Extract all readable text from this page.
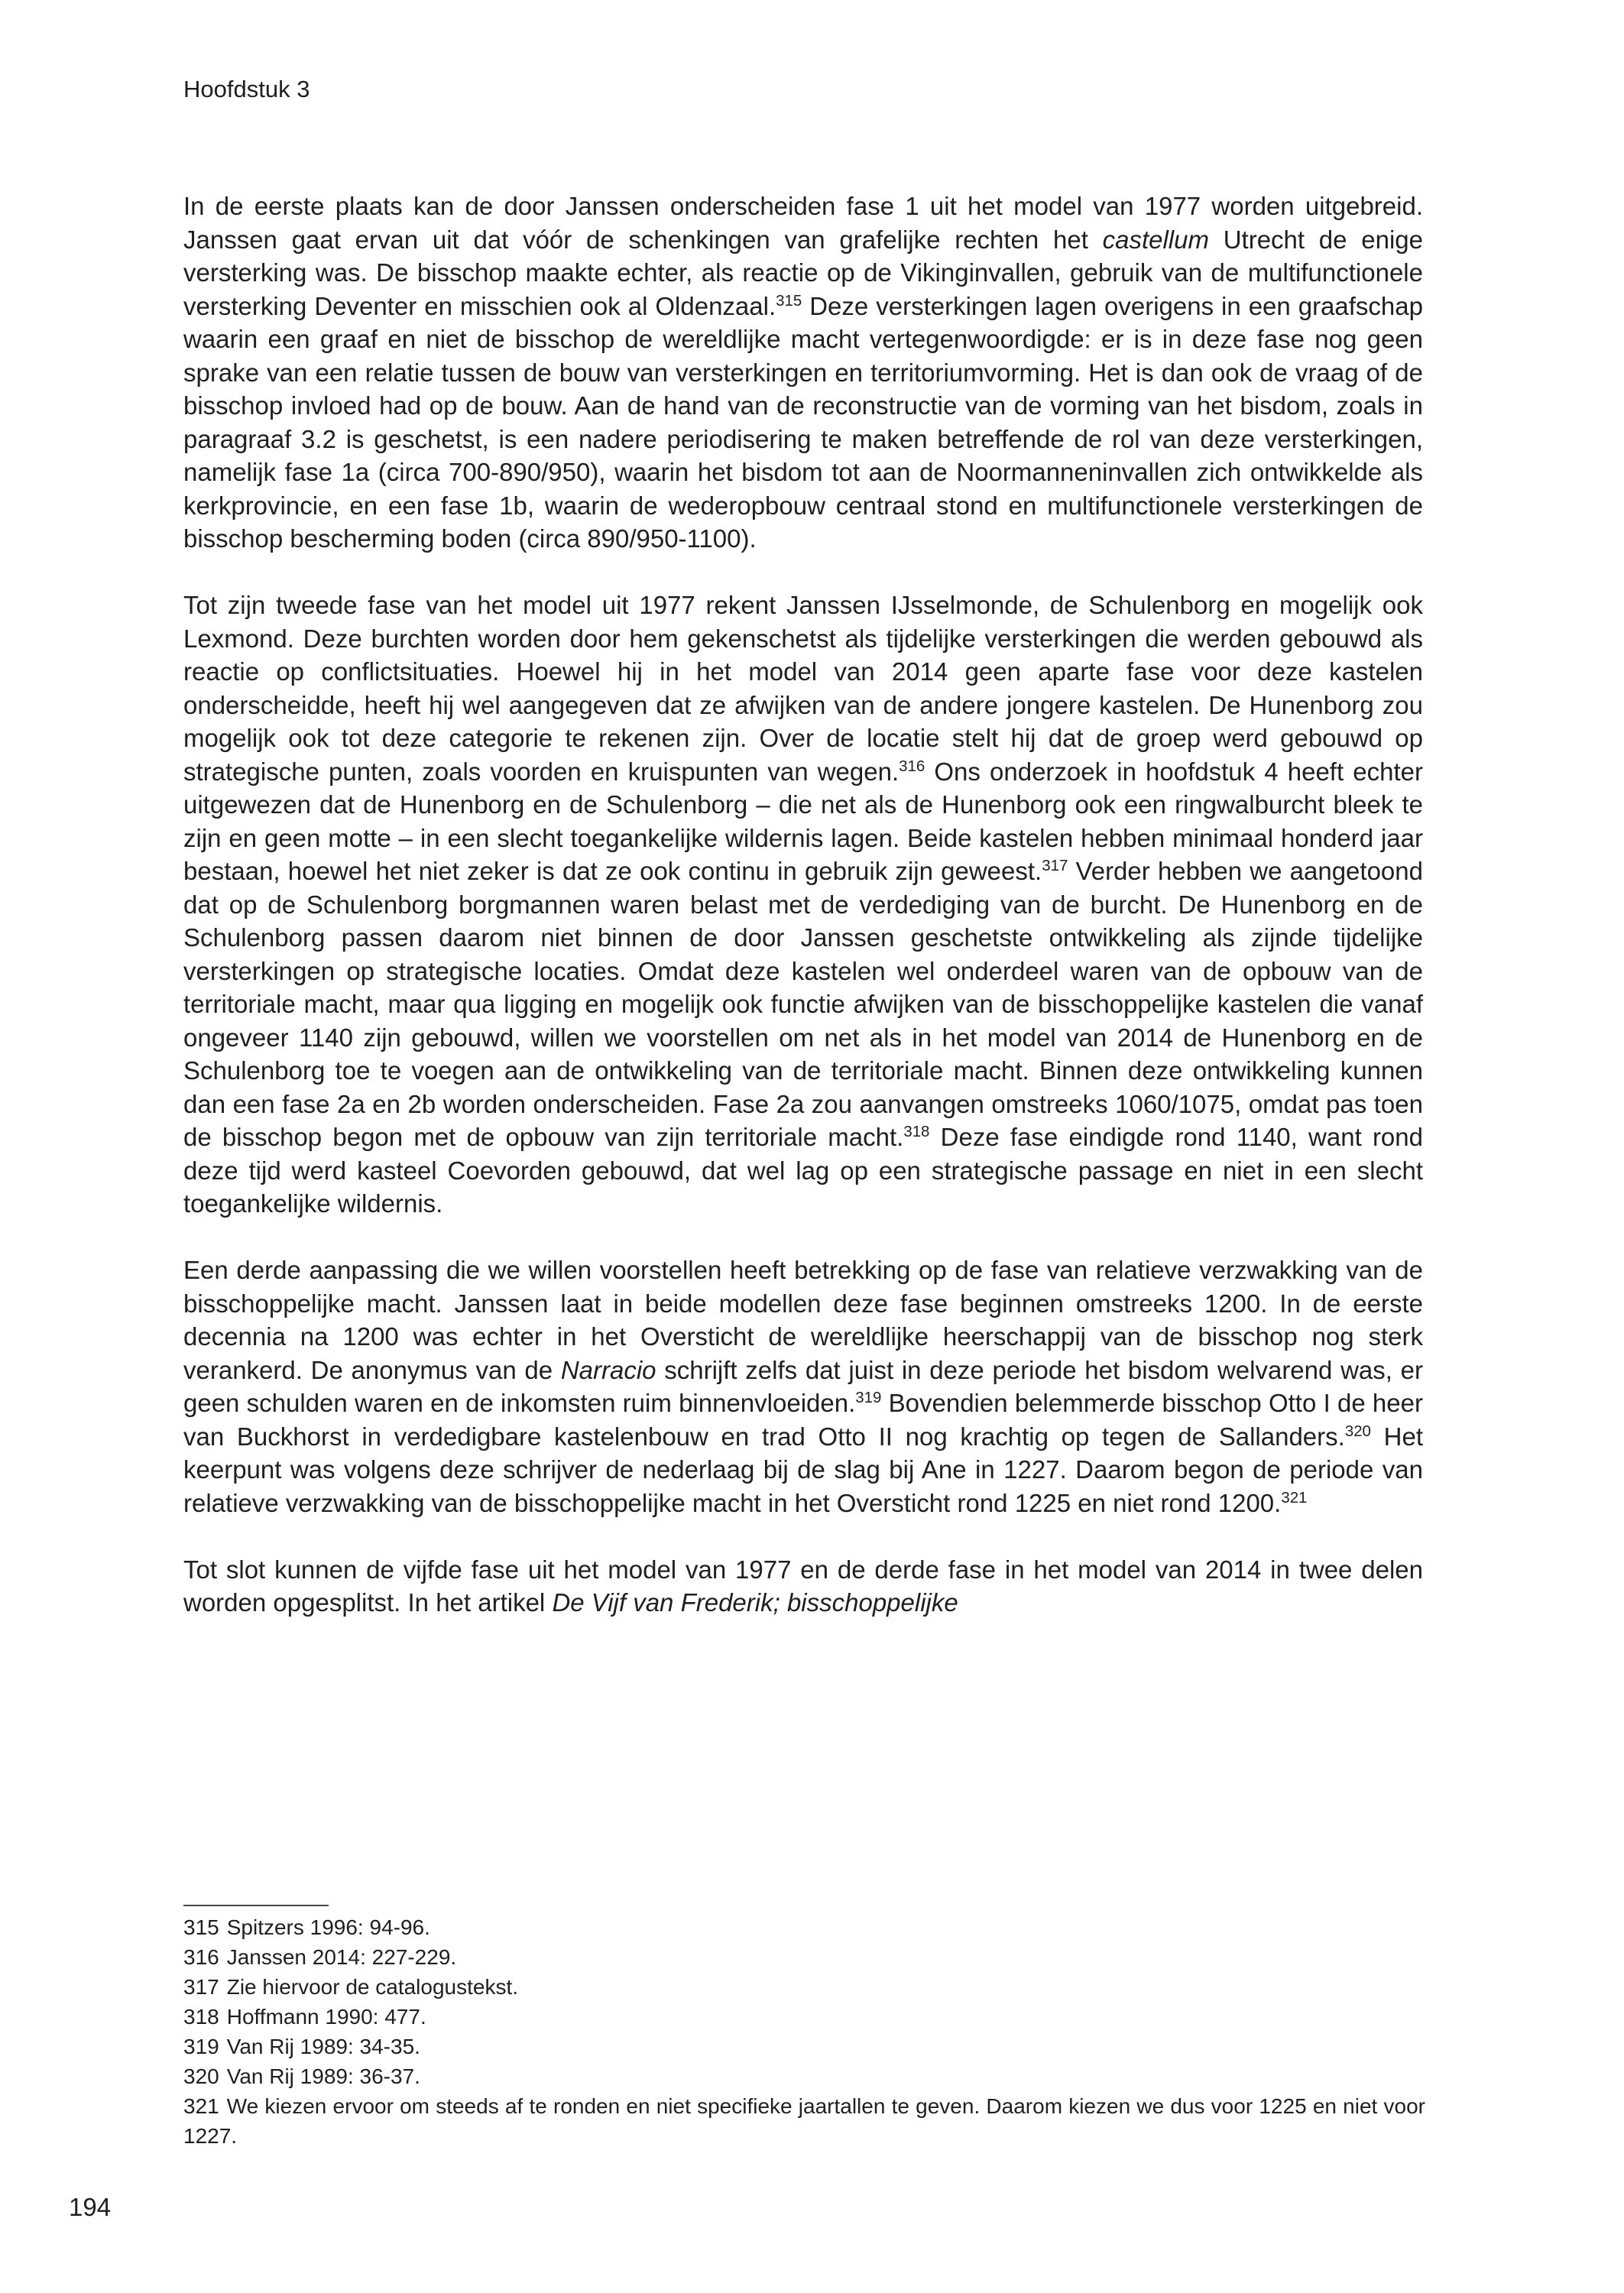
Hoofdstuk 3

In de eerste plaats kan de door Janssen onderscheiden fase 1 uit het model van 1977 worden uitgebreid. Janssen gaat ervan uit dat vóór de schenkingen van grafelijke rechten het castellum Utrecht de enige versterking was. De bisschop maakte echter, als reactie op de Vikinginvallen, gebruik van de multifunctionele versterking Deventer en misschien ook al Oldenzaal.$^{315}$ Deze versterkingen lagen overigens in een graafschap waarin een graaf en niet de bisschop de wereldlijke macht vertegenwoordigde: er is in deze fase nog geen sprake van een relatie tussen de bouw van versterkingen en territoriumvorming. Het is dan ook de vraag of de bisschop invloed had op de bouw. Aan de hand van de reconstructie van de vorming van het bisdom, zoals in paragraaf 3.2 is geschetst, is een nadere periodisering te maken betreffende de rol van deze versterkingen, namelijk fase 1a (circa 700-890/950), waarin het bisdom tot aan de Noormanneninvallen zich ontwikkelde als kerkprovincie, en een fase 1b, waarin de wederopbouw centraal stond en multifunctionele versterkingen de bisschop bescherming boden (circa 890/950-1100).

Tot zijn tweede fase van het model uit 1977 rekent Janssen IJsselmonde, de Schulenborg en mogelijk ook Lexmond. Deze burchten worden door hem gekenschetst als tijdelijke versterkingen die werden gebouwd als reactie op conflictsituaties. Hoewel hij in het model van 2014 geen aparte fase voor deze kastelen onderscheidde, heeft hij wel aangegeven dat ze afwijken van de andere jongere kastelen. De Hunenborg zou mogelijk ook tot deze categorie te rekenen zijn. Over de locatie stelt hij dat de groep werd gebouwd op strategische punten, zoals voorden en kruispunten van wegen.$^{316}$ Ons onderzoek in hoofdstuk 4 heeft echter uitgewezen dat de Hunenborg en de Schulenborg – die net als de Hunenborg ook een ringwalburcht bleek te zijn en geen motte – in een slecht toegankelijke wildernis lagen. Beide kastelen hebben minimaal honderd jaar bestaan, hoewel het niet zeker is dat ze ook continu in gebruik zijn geweest.$^{317}$ Verder hebben we aangetoond dat op de Schulenborg borgmannen waren belast met de verdediging van de burcht. De Hunenborg en de Schulenborg passen daarom niet binnen de door Janssen geschetste ontwikkeling als zijnde tijdelijke versterkingen op strategische locaties. Omdat deze kastelen wel onderdeel waren van de opbouw van de territoriale macht, maar qua ligging en mogelijk ook functie afwijken van de bisschoppelijke kastelen die vanaf ongeveer 1140 zijn gebouwd, willen we voorstellen om net als in het model van 2014 de Hunenborg en de Schulenborg toe te voegen aan de ontwikkeling van de territoriale macht. Binnen deze ontwikkeling kunnen dan een fase 2a en 2b worden onderscheiden. Fase 2a zou aanvangen omstreeks 1060/1075, omdat pas toen de bisschop begon met de opbouw van zijn territoriale macht.$^{318}$ Deze fase eindigde rond 1140, want rond deze tijd werd kasteel Coevorden gebouwd, dat wel lag op een strategische passage en niet in een slecht toegankelijke wildernis.

Een derde aanpassing die we willen voorstellen heeft betrekking op de fase van relatieve verzwakking van de bisschoppelijke macht. Janssen laat in beide modellen deze fase beginnen omstreeks 1200. In de eerste decennia na 1200 was echter in het Oversticht de wereldlijke heerschappij van de bisschop nog sterk verankerd. De anonymus van de Narracio schrijft zelfs dat juist in deze periode het bisdom welvarend was, er geen schulden waren en de inkomsten ruim binnenvloeiden.$^{319}$ Bovendien belemmerde bisschop Otto I de heer van Buckhorst in verdedigbare kastelenbouw en trad Otto II nog krachtig op tegen de Sallanders.$^{320}$ Het keerpunt was volgens deze schrijver de nederlaag bij de slag bij Ane in 1227. Daarom begon de periode van relatieve verzwakking van de bisschoppelijke macht in het Oversticht rond 1225 en niet rond 1200.$^{321}$

Tot slot kunnen de vijfde fase uit het model van 1977 en de derde fase in het model van 2014 in twee delen worden opgesplitst. In het artikel De Vijf van Frederik; bisschoppelijke

315 Spitzers 1996: 94-96.

316 Janssen 2014: 227-229.

317 Zie hiervoor de catalogustekst.

318 Hoffmann 1990: 477.

319 Van Rij 1989: 34-35.

320 Van Rij 1989: 36-37.

321 We kiezen ervoor om steeds af te ronden en niet specifieke jaartallen te geven. Daarom kiezen we dus voor 1225 en niet voor 1227.

194
